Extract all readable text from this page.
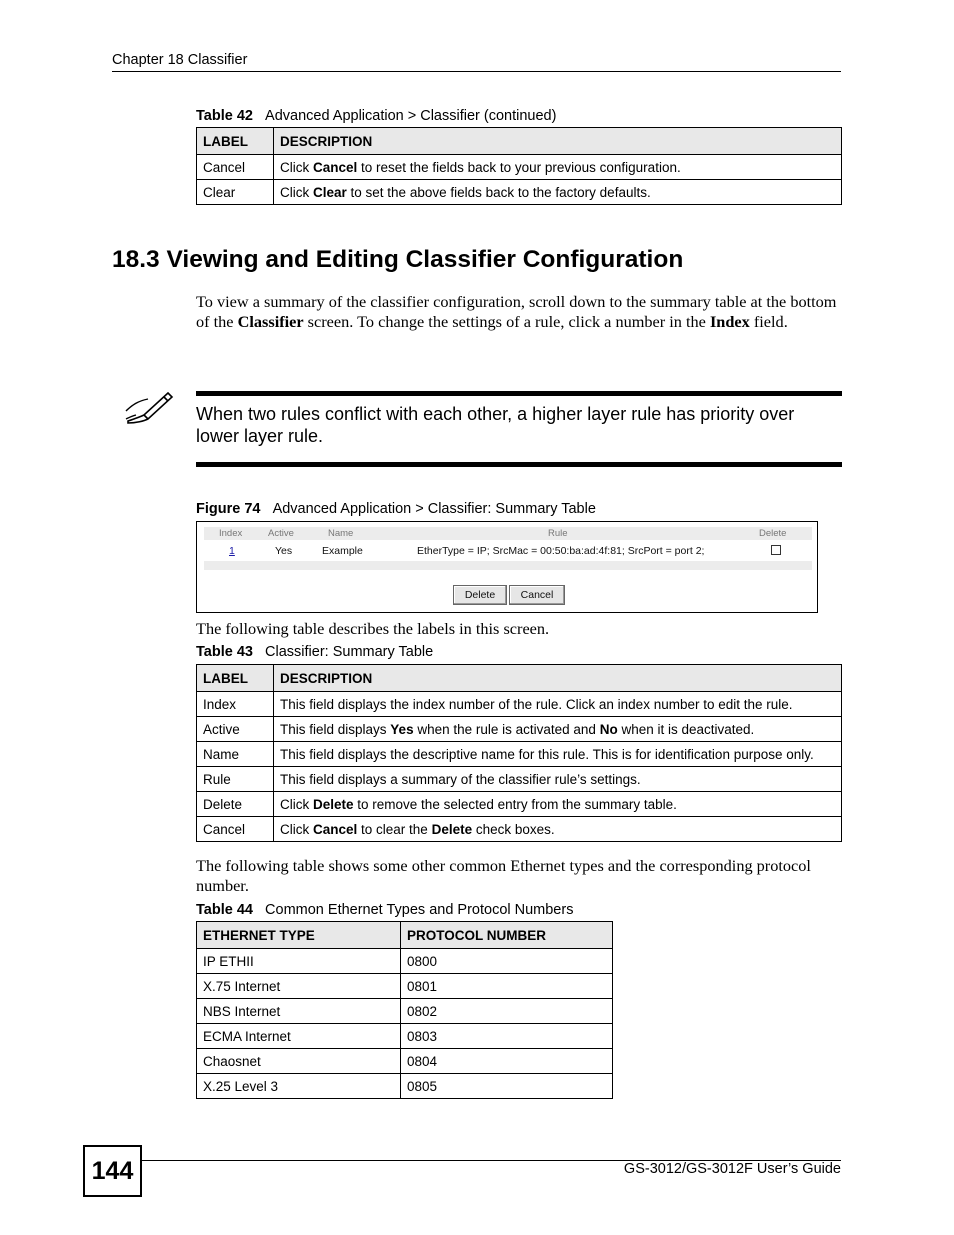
Chapter 18 Classifier
Table 42 Advanced Application > Classifier (continued)
LABEL	DESCRIPTION
Cancel	Click Cancel to reset the fields back to your previous configuration.
Clear	Click Clear to set the above fields back to the factory defaults.
18.3 Viewing and Editing Classifier Configuration
To view a summary of the classifier configuration, scroll down to the summary table at the bottom of the Classifier screen. To change the settings of a rule, click a number in the Index field.
When two rules conflict with each other, a higher layer rule has priority over lower layer rule.
Figure 74 Advanced Application > Classifier: Summary Table
Index	Active	Name	Rule	Delete
1	Yes	Example	EtherType = IP; SrcMac = 00:50:ba:ad:4f:81; SrcPort = port 2;
Delete	Cancel
The following table describes the labels in this screen.
Table 43 Classifier: Summary Table
LABEL	DESCRIPTION
Index	This field displays the index number of the rule. Click an index number to edit the rule.
Active	This field displays Yes when the rule is activated and No when it is deactivated.
Name	This field displays the descriptive name for this rule. This is for identification purpose only.
Rule	This field displays a summary of the classifier rule’s settings.
Delete	Click Delete to remove the selected entry from the summary table.
Cancel	Click Cancel to clear the Delete check boxes.
The following table shows some other common Ethernet types and the corresponding protocol number.
Table 44 Common Ethernet Types and Protocol Numbers
ETHERNET TYPE	PROTOCOL NUMBER
IP ETHII	0800
X.75 Internet	0801
NBS Internet	0802
ECMA Internet	0803
Chaosnet	0804
X.25 Level 3	0805
144	GS-3012/GS-3012F User’s Guide
